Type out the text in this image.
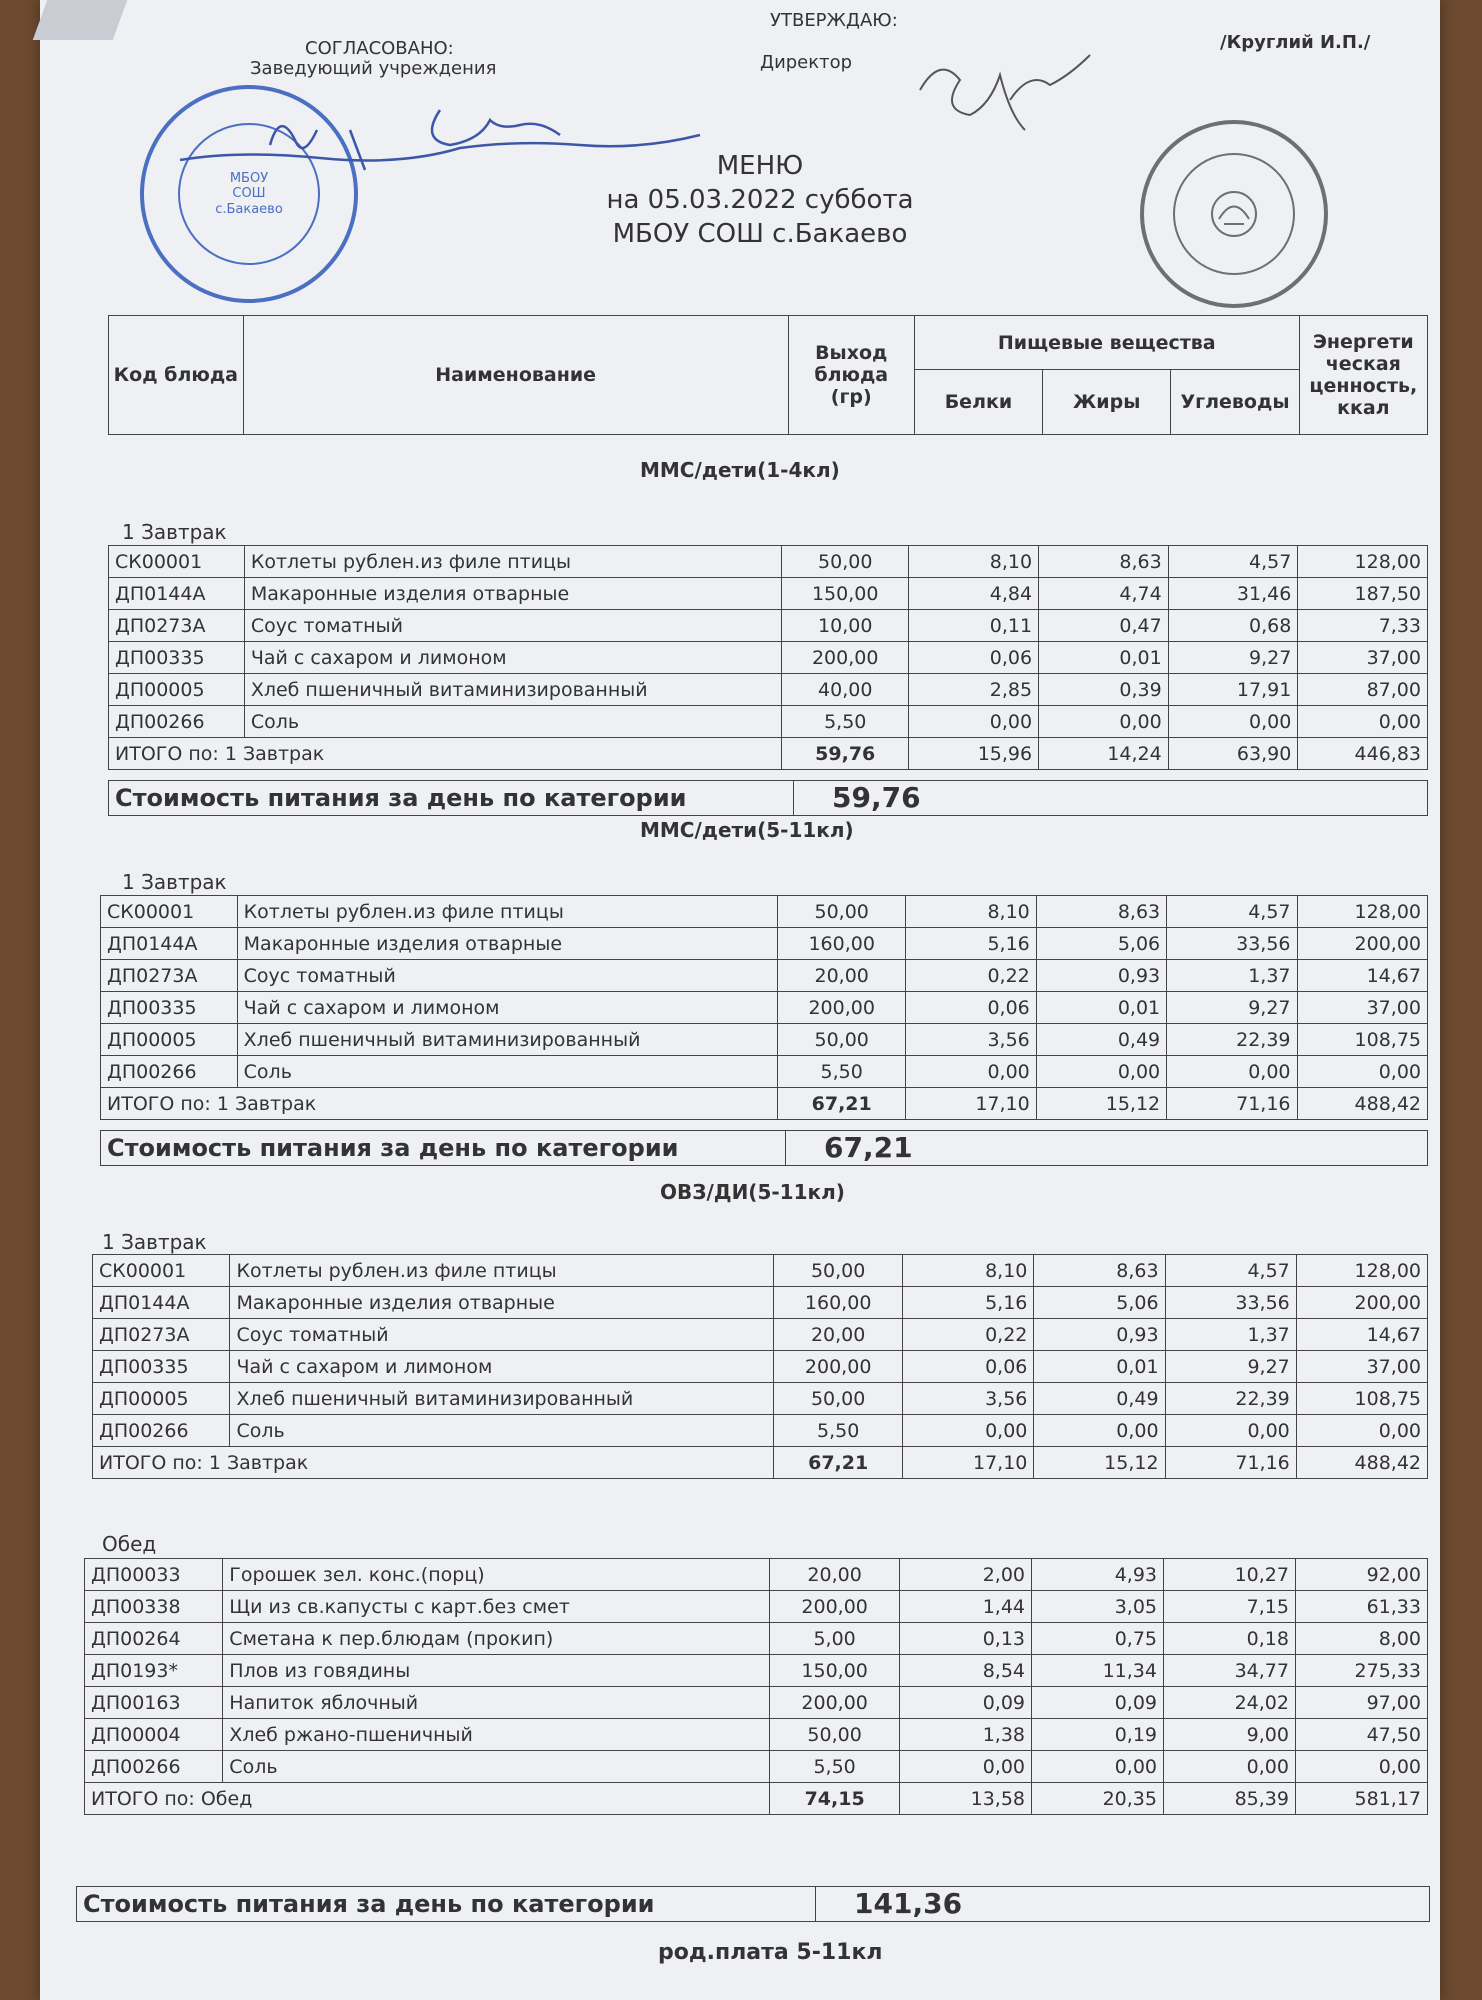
СОГЛАСОВАНО:
Заведующий учреждения
УТВЕРЖДАЮ:
Директор
/Круглий И.П./
МБОУ
СОШ
с.Бакаево
МЕНЮ
на 05.03.2022 суббота
МБОУ СОШ с.Бакаево
Код блюда	Наименование	Выход блюда (гр)	Пищевые вещества			Энергети ческая ценность, ккал
			Белки	Жиры	Углеводы	
ММС/дети(1-4кл)
1 Завтрак
СК00001	Котлеты рублен.из филе птицы	50,00	8,10	8,63	4,57	128,00
ДП0144А	Макаронные изделия отварные	150,00	4,84	4,74	31,46	187,50
ДП0273А	Соус томатный	10,00	0,11	0,47	0,68	7,33
ДП00335	Чай с сахаром и лимоном	200,00	0,06	0,01	9,27	37,00
ДП00005	Хлеб пшеничный витаминизированный	40,00	2,85	0,39	17,91	87,00
ДП00266	Соль	5,50	0,00	0,00	0,00	0,00
ИТОГО по: 1 Завтрак		59,76	15,96	14,24	63,90	446,83
Стоимость питания за день по категории	59,76
ММС/дети(5-11кл)
1 Завтрак
СК00001	Котлеты рублен.из филе птицы	50,00	8,10	8,63	4,57	128,00
ДП0144А	Макаронные изделия отварные	160,00	5,16	5,06	33,56	200,00
ДП0273А	Соус томатный	20,00	0,22	0,93	1,37	14,67
ДП00335	Чай с сахаром и лимоном	200,00	0,06	0,01	9,27	37,00
ДП00005	Хлеб пшеничный витаминизированный	50,00	3,56	0,49	22,39	108,75
ДП00266	Соль	5,50	0,00	0,00	0,00	0,00
ИТОГО по: 1 Завтрак		67,21	17,10	15,12	71,16	488,42
Стоимость питания за день по категории	67,21
ОВЗ/ДИ(5-11кл)
1 Завтрак
СК00001	Котлеты рублен.из филе птицы	50,00	8,10	8,63	4,57	128,00
ДП0144А	Макаронные изделия отварные	160,00	5,16	5,06	33,56	200,00
ДП0273А	Соус томатный	20,00	0,22	0,93	1,37	14,67
ДП00335	Чай с сахаром и лимоном	200,00	0,06	0,01	9,27	37,00
ДП00005	Хлеб пшеничный витаминизированный	50,00	3,56	0,49	22,39	108,75
ДП00266	Соль	5,50	0,00	0,00	0,00	0,00
ИТОГО по: 1 Завтрак		67,21	17,10	15,12	71,16	488,42
Обед
ДП00033	Горошек зел. конс.(порц)	20,00	2,00	4,93	10,27	92,00
ДП00338	Щи из св.капусты с карт.без смет	200,00	1,44	3,05	7,15	61,33
ДП00264	Сметана к пер.блюдам (прокип)	5,00	0,13	0,75	0,18	8,00
ДП0193*	Плов из говядины	150,00	8,54	11,34	34,77	275,33
ДП00163	Напиток яблочный	200,00	0,09	0,09	24,02	97,00
ДП00004	Хлеб ржано-пшеничный	50,00	1,38	0,19	9,00	47,50
ДП00266	Соль	5,50	0,00	0,00	0,00	0,00
ИТОГО по: Обед		74,15	13,58	20,35	85,39	581,17
Стоимость питания за день по категории	141,36
род.плата 5-11кл
